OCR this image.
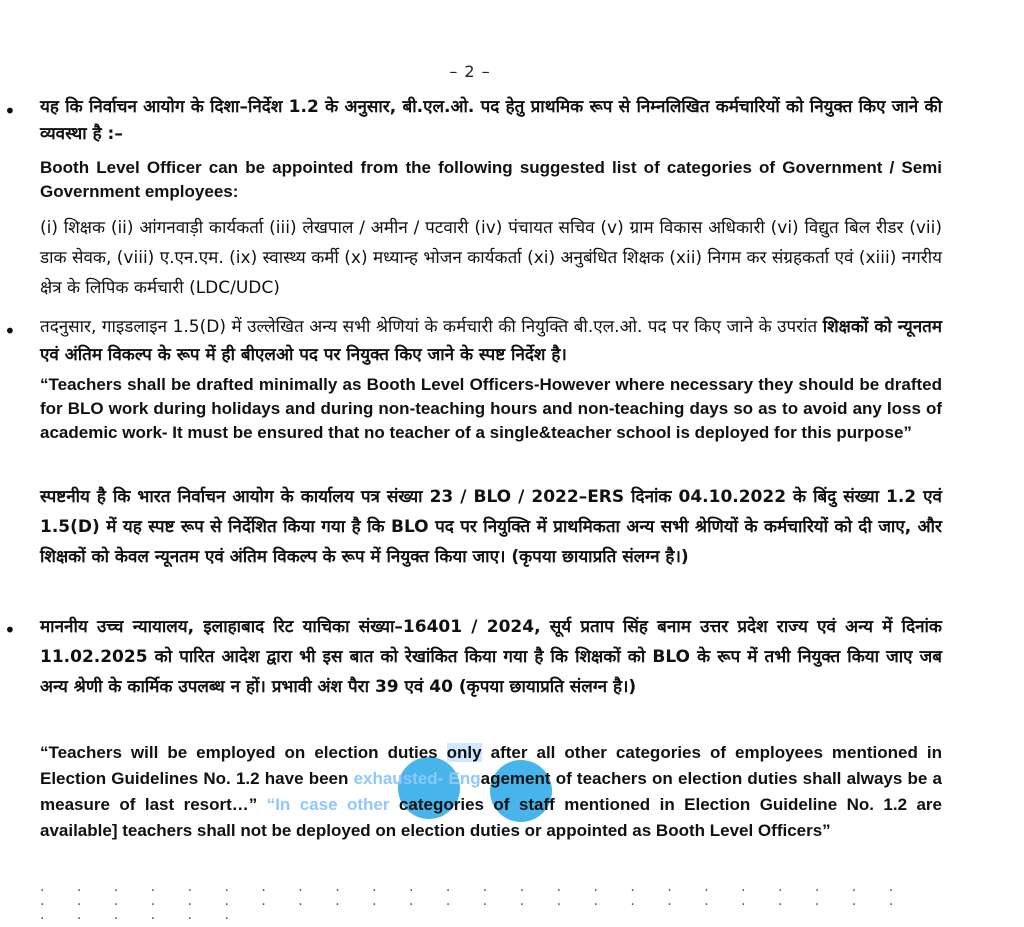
– 2 –
• यह कि निर्वाचन आयोग के दिशा–निर्देश 1.2 के अनुसार, बी.एल.ओ. पद हेतु प्राथमिक रूप से निम्नलिखित कर्मचारियों को नियुक्त किए जाने की व्यवस्था है :–
Booth Level Officer can be appointed from the following suggested list of categories of Government / Semi Government employees:
(i) शिक्षक (ii) आंगनवाड़ी कार्यकर्ता (iii) लेखपाल / अमीन / पटवारी (iv) पंचायत सचिव (v) ग्राम विकास अधिकारी (vi) विद्युत बिल रीडर (vii) डाक सेवक, (viii) ए.एन.एम. (ix) स्वास्थ्य कर्मी (x) मध्यान्ह भोजन कार्यकर्ता (xi) अनुबंधित शिक्षक (xii) निगम कर संग्रहकर्ता एवं (xiii) नगरीय क्षेत्र के लिपिक कर्मचारी (LDC/UDC)
• तदनुसार, गाइडलाइन 1.5(D) में उल्लेखित अन्य सभी श्रेणियां के कर्मचारी की नियुक्ति बी.एल.ओ. पद पर किए जाने के उपरांत शिक्षकों को न्यूनतम एवं अंतिम विकल्प के रूप में ही बीएलओ पद पर नियुक्त किए जाने के स्पष्ट निर्देश है।
“Teachers shall be drafted minimally as Booth Level Officers-However where necessary they should be drafted for BLO work during holidays and during non-teaching hours and non-teaching days so as to avoid any loss of academic work- It must be ensured that no teacher of a single&teacher school is deployed for this purpose”
स्पष्टनीय है कि भारत निर्वाचन आयोग के कार्यालय पत्र संख्या 23 / BLO / 2022–ERS दिनांक 04.10.2022 के बिंदु संख्या 1.2 एवं 1.5(D) में यह स्पष्ट रूप से निर्देशित किया गया है कि BLO पद पर नियुक्ति में प्राथमिकता अन्य सभी श्रेणियों के कर्मचारियों को दी जाए, और शिक्षकों को केवल न्यूनतम एवं अंतिम विकल्प के रूप में नियुक्त किया जाए। (कृपया छायाप्रति संलग्न है।)
• माननीय उच्च न्यायालय, इलाहाबाद रिट याचिका संख्या–16401 / 2024, सूर्य प्रताप सिंह बनाम उत्तर प्रदेश राज्य एवं अन्य में दिनांक 11.02.2025 को पारित आदेश द्वारा भी इस बात को रेखांकित किया गया है कि शिक्षकों को BLO के रूप में तभी नियुक्त किया जाए जब अन्य श्रेणी के कार्मिक उपलब्ध न हों। प्रभावी अंश पैरा 39 एवं 40 (कृपया छायाप्रति संलग्न है।)
“Teachers will be employed on election duties only after all other categories of employees mentioned in Election Guidelines No. 1.2 have been exhausted- Engagement of teachers on election duties shall always be a measure of last resort…” “In case other categories of staff mentioned in Election Guideline No. 1.2 are available] teachers shall not be deployed on election duties or appointed as Booth Level Officers”
· · · · · · · · · · · · · · · · · · · · · · · · · · · · · · · · · · · · · · · · · · · · · · · · · · · · · ·
